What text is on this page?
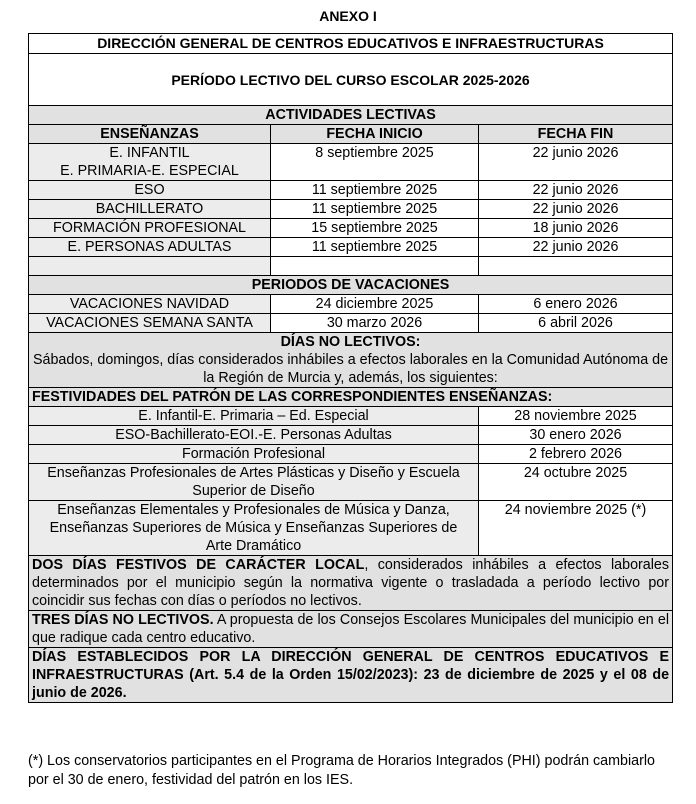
ANEXO I
DIRECCIÓN GENERAL DE CENTROS EDUCATIVOS E INFRAESTRUCTURAS		
PERÍODO LECTIVO DEL CURSO ESCOLAR 2025-2026		
ACTIVIDADES LECTIVAS		
ENSEÑANZAS	FECHA INICIO	FECHA FIN

E. INFANTIL
E. PRIMARIA-E. ESPECIAL	8 septiembre 2025	22 junio 2026
ESO	11 septiembre 2025	22 junio 2026
BACHILLERATO	11 septiembre 2025	22 junio 2026
FORMACIÓN PROFESIONAL	15 septiembre 2025	18 junio 2026
E. PERSONAS ADULTAS	11 septiembre 2025	22 junio 2026

PERIODOS DE VACACIONES		
VACACIONES NAVIDAD	24 diciembre 2025	6 enero 2026
VACACIONES SEMANA SANTA	30 marzo 2026	6 abril 2026

DÍAS NO LECTIVOS:
Sábados, domingos, días considerados inhábiles a efectos laborales en la Comunidad Autónoma de la Región de Murcia y, además, los siguientes:		

FESTIVIDADES DEL PATRÓN DE LAS CORRESPONDIENTES ENSEÑANZAS:		
E. Infantil-E. Primaria – Ed. Especial		28 noviembre 2025
ESO-Bachillerato-EOI.-E. Personas Adultas		30 enero 2026
Formación Profesional		2 febrero 2026
Enseñanzas Profesionales de Artes Plásticas y Diseño y Escuela Superior de Diseño		24 octubre 2025
Enseñanzas Elementales y Profesionales de Música y Danza, Enseñanzas Superiores de Música y Enseñanzas Superiores de Arte Dramático		24 noviembre 2025 (*)
DOS DÍAS FESTIVOS DE CARÁCTER LOCAL, considerados inhábiles a efectos laborales determinados por el municipio según la normativa vigente o trasladada a período lectivo por coincidir sus fechas con días o períodos no lectivos.		
TRES DÍAS NO LECTIVOS. A propuesta de los Consejos Escolares Municipales del municipio en el que radique cada centro educativo.		
DÍAS ESTABLECIDOS POR LA DIRECCIÓN GENERAL DE CENTROS EDUCATIVOS E INFRAESTRUCTURAS (Art. 5.4 de la Orden 15/02/2023): 23 de diciembre de 2025 y el 08 de junio de 2026.		
(*) Los conservatorios participantes en el Programa de Horarios Integrados (PHI) podrán cambiarlo por el 30 de enero, festividad del patrón en los IES.
